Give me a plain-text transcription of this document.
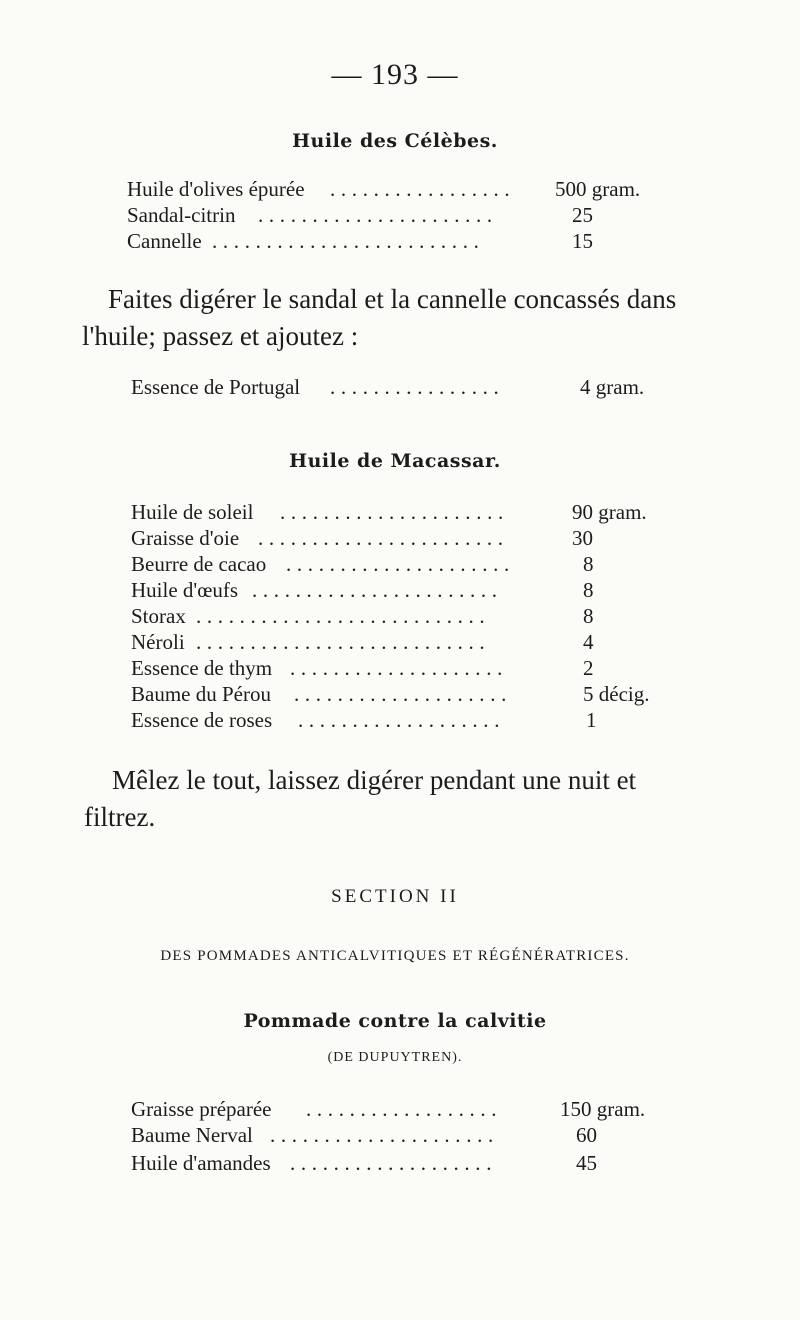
— 193 —
Huile des Célèbes.
Huile d'olives épurée . . . . . . . . . . . . . . . . .	500 gram.
Sandal-citrin . . . . . . . . . . . . . . . . . . . . . .	25
Cannelle . . . . . . . . . . . . . . . . . . . . . . . . .	15
Faites digérer le sandal et la cannelle concassés dans
l'huile; passez et ajoutez :
Essence de Portugal . . . . . . . . . . . . . . . .	4 gram.
Huile de Macassar.
Huile de soleil . . . . . . . . . . . . . . . . . . . . .	90 gram.
Graisse d'oie . . . . . . . . . . . . . . . . . . . . . . .	30
Beurre de cacao . . . . . . . . . . . . . . . . . . . . .	8
Huile d'œufs . . . . . . . . . . . . . . . . . . . . . . .	8
Storax . . . . . . . . . . . . . . . . . . . . . . . . . . .	8
Néroli . . . . . . . . . . . . . . . . . . . . . . . . . . .	4
Essence de thym . . . . . . . . . . . . . . . . . . . .	2
Baume du Pérou . . . . . . . . . . . . . . . . . . . .	5 décig.
Essence de roses . . . . . . . . . . . . . . . . . . .	1
Mêlez le tout, laissez digérer pendant une nuit et
filtrez.
SECTION II
DES POMMADES ANTICALVITIQUES ET RÉGÉNÉRATRICES.
Pommade contre la calvitie
(DE DUPUYTREN).
Graisse préparée . . . . . . . . . . . . . . . . . .	150 gram.
Baume Nerval . . . . . . . . . . . . . . . . . . . . .	60
Huile d'amandes . . . . . . . . . . . . . . . . . . .	45
